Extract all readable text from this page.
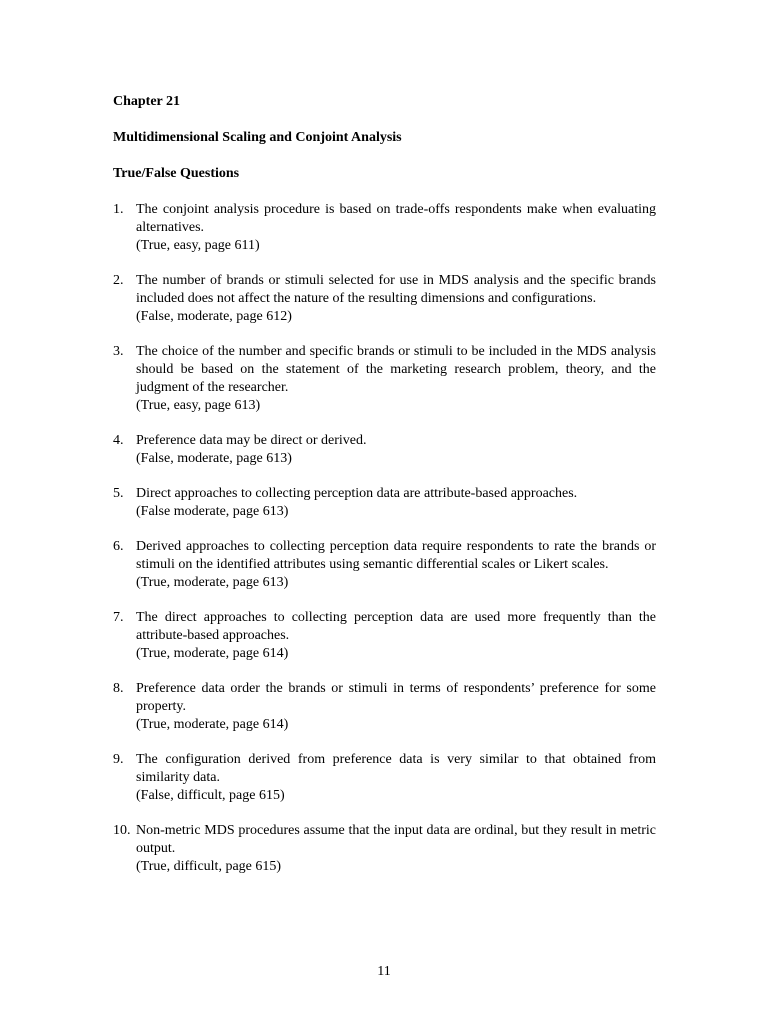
Chapter 21
Multidimensional Scaling and Conjoint Analysis
True/False Questions
1. The conjoint analysis procedure is based on trade-offs respondents make when evaluating alternatives.
(True, easy, page 611)
2. The number of brands or stimuli selected for use in MDS analysis and the specific brands included does not affect the nature of the resulting dimensions and configurations.
(False, moderate, page 612)
3. The choice of the number and specific brands or stimuli to be included in the MDS analysis should be based on the statement of the marketing research problem, theory, and the judgment of the researcher.
(True, easy, page 613)
4. Preference data may be direct or derived.
(False, moderate, page 613)
5. Direct approaches to collecting perception data are attribute-based approaches.
(False moderate, page 613)
6. Derived approaches to collecting perception data require respondents to rate the brands or stimuli on the identified attributes using semantic differential scales or Likert scales.
(True, moderate, page 613)
7. The direct approaches to collecting perception data are used more frequently than the attribute-based approaches.
(True, moderate, page 614)
8. Preference data order the brands or stimuli in terms of respondents’ preference for some property.
(True, moderate, page 614)
9. The configuration derived from preference data is very similar to that obtained from similarity data.
(False, difficult, page 615)
10. Non-metric MDS procedures assume that the input data are ordinal, but they result in metric output.
(True, difficult, page 615)
11
